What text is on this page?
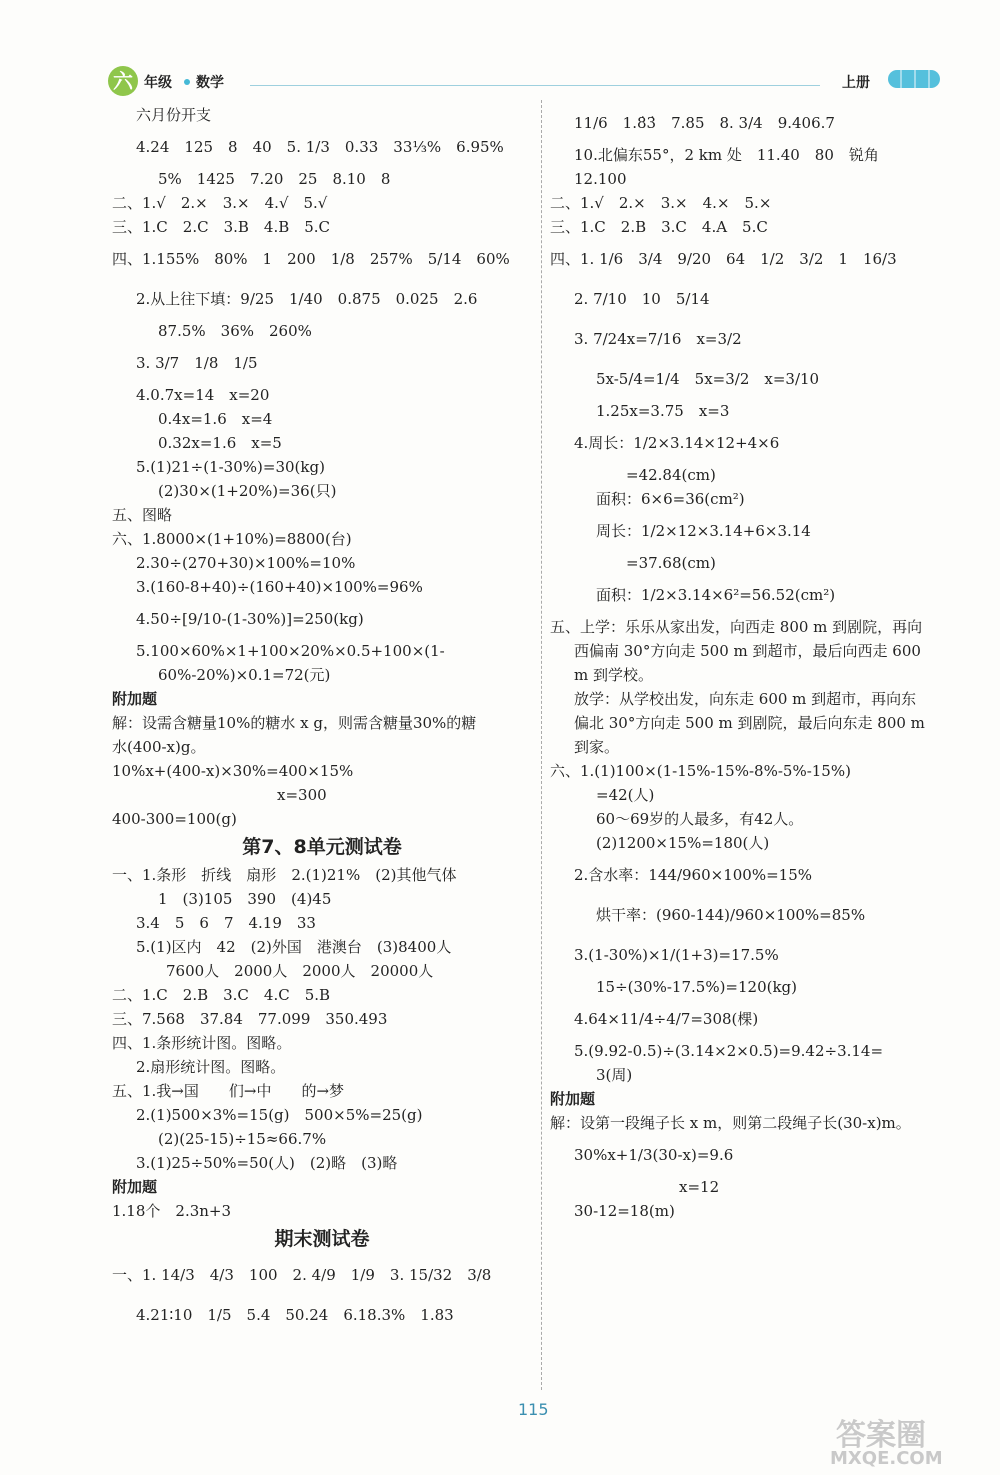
六 年级 数学	上册
六月份开支
4.24　125　8　40　5. 1/3　0.33　33⅓%　6.95%
5%　1425　7.20　25　8.10　8
二、1.√　2.×　3.×　4.√　5.√
三、1.C　2.C　3.B　4.B　5.C
四、1.155%　80%　1　200　1/8　257%　5/14　60%
2.从上往下填：9/25　1/40　0.875　0.025　2.6
87.5%　36%　260%
3. 3/7　1/8　1/5
4.0.7x=14　x=20
0.4x=1.6　x=4
0.32x=1.6　x=5
5.(1)21÷(1-30%)=30(kg)
(2)30×(1+20%)=36(只)
五、图略
六、1.8000×(1+10%)=8800(台)
2.30÷(270+30)×100%=10%
3.(160-8+40)÷(160+40)×100%=96%
4.50÷[9/10-(1-30%)]=250(kg)
5.100×60%×1+100×20%×0.5+100×(1-
60%-20%)×0.1=72(元)
附加题
解：设需含糖量10%的糖水 x g，则需含糖量30%的糖
水(400-x)g。
10%x+(400-x)×30%=400×15%
　　　　　　　　　　　x=300
400-300=100(g)
第7、8单元测试卷
一、1.条形　折线　扇形　2.(1)21%　(2)其他气体
1　(3)105　390　(4)45
3.4　5　6　7　4.19　33
5.(1)区内　42　(2)外国　港澳台　(3)8400人
　　7600人　2000人　2000人　20000人
二、1.C　2.B　3.C　4.C　5.B
三、7.568　37.84　77.099　350.493
四、1.条形统计图。图略。
2.扇形统计图。图略。
五、1.我→国　　们→中　　的→梦
2.(1)500×3%=15(g)　500×5%=25(g)
(2)(25-15)÷15≈66.7%
3.(1)25÷50%=50(人)　(2)略　(3)略
附加题
1.18个　2.3n+3
期末测试卷
一、1. 14/3　4/3　100　2. 4/9　1/9　3. 15/32　3/8
4.21∶10　1/5　5.4　50.24　6.18.3%　1.83
11/6　1.8̇3̇　7.85　8. 3/4　9.406.7
10.北偏东55°，2 km 处　11.40　80　锐角
12.100
二、1.√　2.×　3.×　4.×　5.×
三、1.C　2.B　3.C　4.A　5.C
四、1. 1/6　3/4　9/20　64　1/2　3/2　1　16/3
2. 7/10　10　5/14
3. 7/24x=7/16　x=3/2
5x-5/4=1/4　5x=3/2　x=3/10
1.25x=3.75　x=3
4.周长：1/2×3.14×12+4×6
　　=42.84(cm)
面积：6×6=36(cm²)
周长：1/2×12×3.14+6×3.14
　　=37.68(cm)
面积：1/2×3.14×6²=56.52(cm²)
五、上学：乐乐从家出发，向西走 800 m 到剧院，再向
西偏南 30°方向走 500 m 到超市，最后向西走 600
m 到学校。
放学：从学校出发，向东走 600 m 到超市，再向东
偏北 30°方向走 500 m 到剧院，最后向东走 800 m
到家。
六、1.(1)100×(1-15%-15%-8%-5%-15%)
=42(人)
60～69岁的人最多，有42人。
(2)1200×15%=180(人)
2.含水率：144/960×100%=15%
烘干率：(960-144)/960×100%=85%
3.(1-30%)×1/(1+3)=17.5%
15÷(30%-17.5%)=120(kg)
4.64×11/4÷4/7=308(棵)
5.(9.92-0.5)÷(3.14×2×0.5)=9.42÷3.14=
3(周)
附加题
解：设第一段绳子长 x m，则第二段绳子长(30-x)m。
30%x+1/3(30-x)=9.6
　　　　　　　x=12
30-12=18(m)
115
答案圈
MXQE.COM
